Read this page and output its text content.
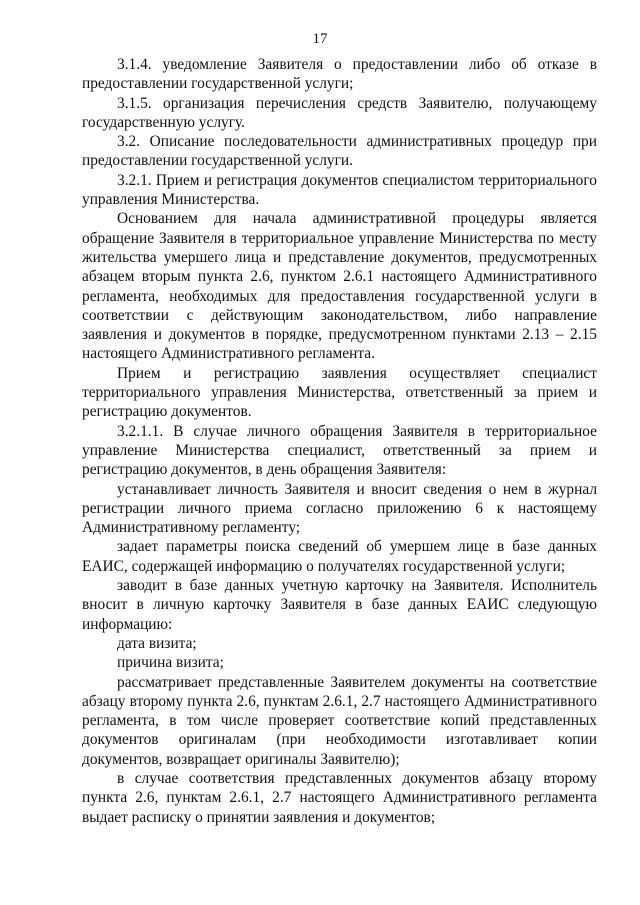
17

3.1.4. уведомление Заявителя о предоставлении либо об отказе в предоставлении государственной услуги;

3.1.5. организация перечисления средств Заявителю, получающему государственную услугу.

3.2. Описание последовательности административных процедур при предоставлении государственной услуги.

3.2.1. Прием и регистрация документов специалистом территориального управления Министерства.

Основанием для начала административной процедуры является обращение Заявителя в территориальное управление Министерства по месту жительства умершего лица и представление документов, предусмотренных абзацем вторым пункта 2.6, пунктом 2.6.1 настоящего Административного регламента, необходимых для предоставления государственной услуги в соответствии с действующим законодательством, либо направление заявления и документов в порядке, предусмотренном пунктами 2.13 – 2.15 настоящего Административного регламента.

Прием и регистрацию заявления осуществляет специалист территориального управления Министерства, ответственный за прием и регистрацию документов.

3.2.1.1. В случае личного обращения Заявителя в территориальное управление Министерства специалист, ответственный за прием и регистрацию документов, в день обращения Заявителя:

устанавливает личность Заявителя и вносит сведения о нем в журнал регистрации личного приема согласно приложению 6 к настоящему Административному регламенту;

задает параметры поиска сведений об умершем лице в базе данных ЕАИС, содержащей информацию о получателях государственной услуги;

заводит в базе данных учетную карточку на Заявителя. Исполнитель вносит в личную карточку Заявителя в базе данных ЕАИС следующую информацию:

дата визита;

причина визита;

рассматривает представленные Заявителем документы на соответствие абзацу второму пункта 2.6, пунктам 2.6.1, 2.7 настоящего Административного регламента, в том числе проверяет соответствие копий представленных документов оригиналам (при необходимости изготавливает копии документов, возвращает оригиналы Заявителю);

в случае соответствия представленных документов абзацу второму пункта 2.6, пунктам 2.6.1, 2.7 настоящего Административного регламента выдает расписку о принятии заявления и документов;
